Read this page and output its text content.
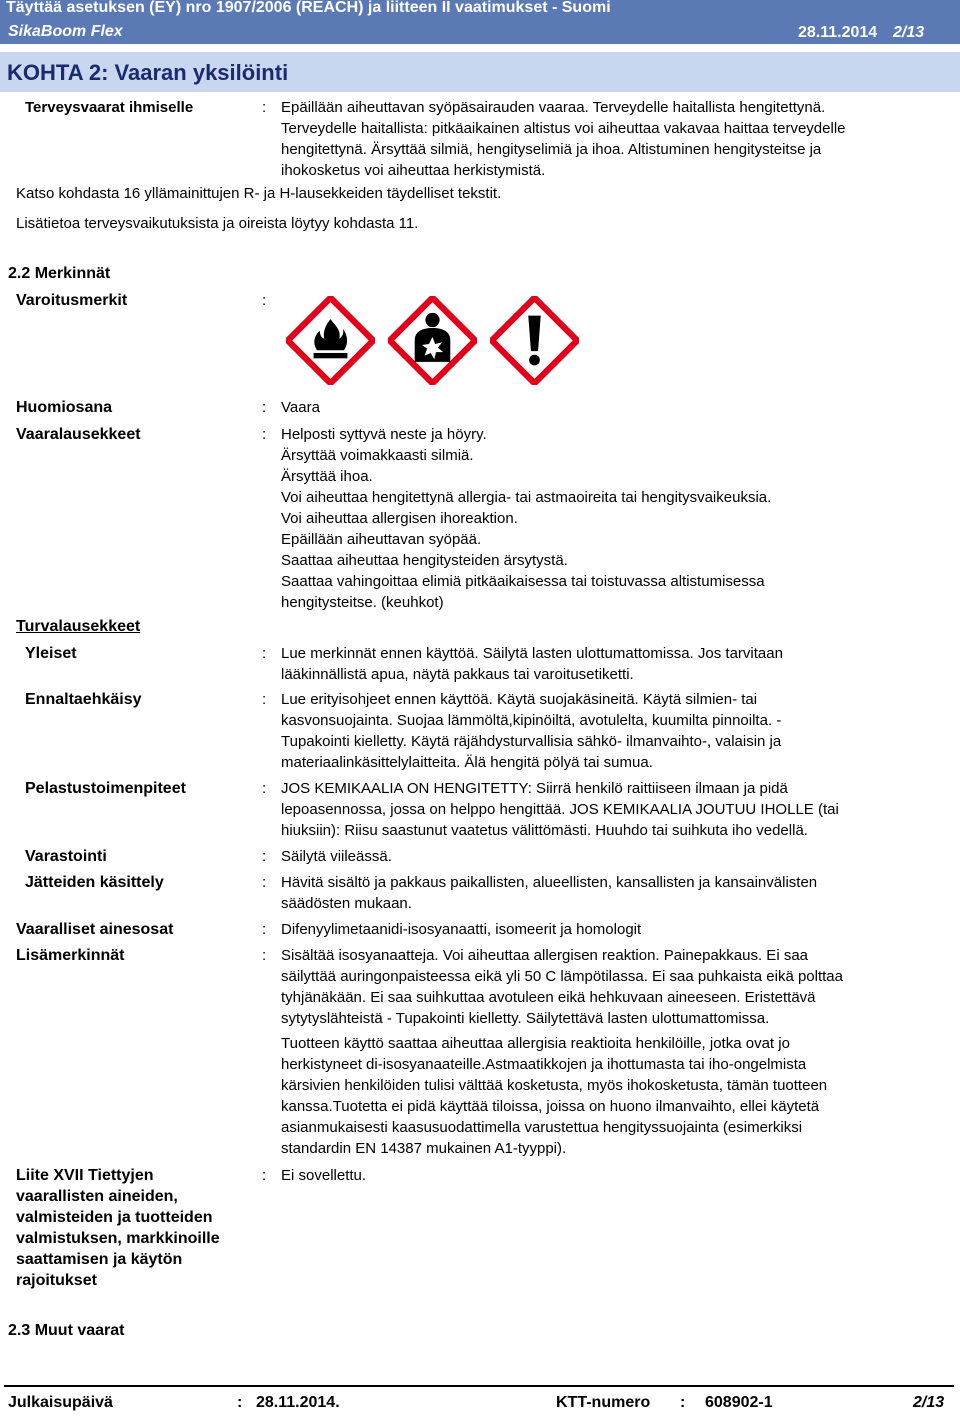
Täyttää asetuksen (EY) nro 1907/2006 (REACH) ja liitteen II vaatimukset - Suomi
SikaBoom Flex	28.11.2014 2/13
KOHTA 2: Vaaran yksilöinti
Terveysvaarat ihmiselle	: Epäillään aiheuttavan syöpäsairauden vaaraa. Terveydelle haitallista hengitettynä.

Terveydelle haitallista: pitkäaikainen altistus voi aiheuttaa vakavaa haittaa terveydelle

hengitettynä. Ärsyttää silmiä, hengityselimiä ja ihoa. Altistuminen hengitysteitse ja

ihokosketus voi aiheuttaa herkistymistä.

Katso kohdasta 16 yllämainittujen R- ja H-lausekkeiden täydelliset tekstit.
Lisätietoa terveysvaikutuksista ja oireista löytyy kohdasta 11.
2.2 Merkinnät
Varoitusmerkit	:
Huomiosana	: Vaara
Vaaralausekkeet	: Helposti syttyvä neste ja höyry.

Ärsyttää voimakkaasti silmiä.

Ärsyttää ihoa.

Voi aiheuttaa hengitettynä allergia- tai astmaoireita tai hengitysvaikeuksia.

Voi aiheuttaa allergisen ihoreaktion.

Epäillään aiheuttavan syöpää.

Saattaa aiheuttaa hengitysteiden ärsytystä.

Saattaa vahingoittaa elimiä pitkäaikaisessa tai toistuvassa altistumisessa

hengitysteitse. (keuhkot)

Turvalausekkeet
Yleiset	: Lue merkinnät ennen käyttöä. Säilytä lasten ulottumattomissa. Jos tarvitaan

lääkinnällistä apua, näytä pakkaus tai varoitusetiketti.

Ennaltaehkäisy	: Lue erityisohjeet ennen käyttöä. Käytä suojakäsineitä. Käytä silmien- tai

kasvonsuojainta. Suojaa lämmöltä,kipinöiltä, avotulelta, kuumilta pinnoilta. -

Tupakointi kielletty. Käytä räjähdysturvallisia sähkö- ilmanvaihto-, valaisin ja

materiaalinkäsittelylaitteita. Älä hengitä pölyä tai sumua.

Pelastustoimenpiteet	: JOS KEMIKAALIA ON HENGITETTY: Siirrä henkilö raittiiseen ilmaan ja pidä

lepoasennossa, jossa on helppo hengittää. JOS KEMIKAALIA JOUTUU IHOLLE (tai

hiuksiin): Riisu saastunut vaatetus välittömästi. Huuhdo tai suihkuta iho vedellä.

Varastointi	: Säilytä viileässä.

Jätteiden käsittely	: Hävitä sisältö ja pakkaus paikallisten, alueellisten, kansallisten ja kansainvälisten

säädösten mukaan.

Vaaralliset ainesosat	: Difenyylimetaanidi-isosyanaatti, isomeerit ja homologit
Lisämerkinnät	: Sisältää isosyanaatteja. Voi aiheuttaa allergisen reaktion. Painepakkaus. Ei saa

säilyttää auringonpaisteessa eikä yli 50 C lämpötilassa. Ei saa puhkaista eikä polttaa

tyhjänäkään. Ei saa suihkuttaa avotuleen eikä hehkuvaan aineeseen. Eristettävä

sytytyslähteistä - Tupakointi kielletty. Säilytettävä lasten ulottumattomissa.

Tuotteen käyttö saattaa aiheuttaa allergisia reaktioita henkilöille, jotka ovat jo

herkistyneet di-isosyanaateille.Astmaatikkojen ja ihottumasta tai iho-ongelmista

kärsivien henkilöiden tulisi välttää kosketusta, myös ihokosketusta, tämän tuotteen

kanssa.Tuotetta ei pidä käyttää tiloissa, joissa on huono ilmanvaihto, ellei käytetä

asianmukaisesti kaasusuodattimella varustettua hengityssuojainta (esimerkiksi

standardin EN 14387 mukainen A1-tyyppi).

Liite XVII Tiettyjen
vaarallisten aineiden,
valmisteiden ja tuotteiden
valmistuksen, markkinoille
saattamisen ja käytön
rajoitukset
: Ei sovellettu.
2.3 Muut vaarat
Julkaisupäivä	: 28.11.2014.	KTT-numero : 608902-1	2/13
